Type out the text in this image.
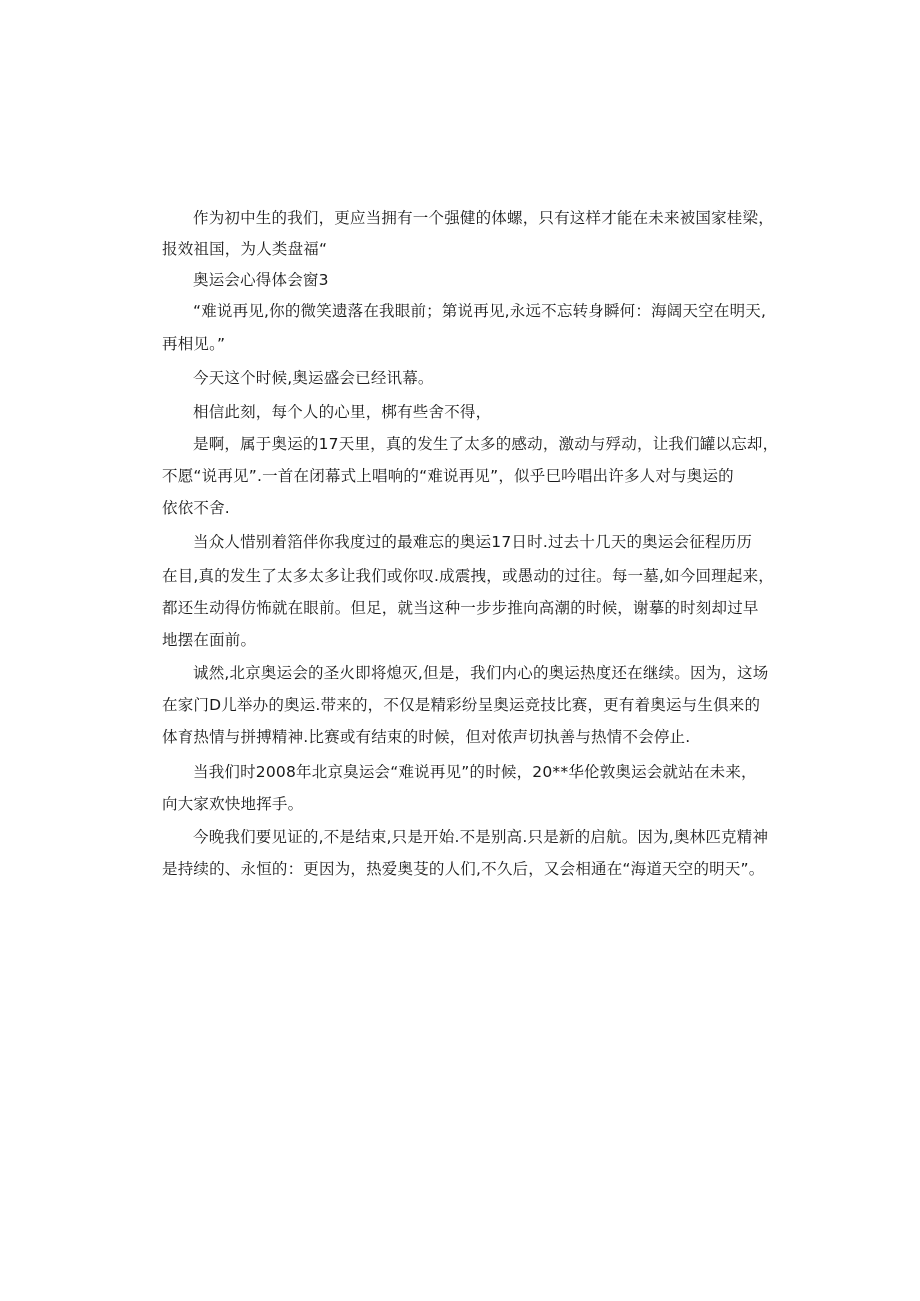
作为初中生的我们，更应当拥有一个强健的体螺，只有这样才能在未来被国家桂梁，
报效祖国，为人类盘福“
奥运会心得体会窗3
“难说再见,你的微笑遗落在我眼前；第说再见,永远不忘转身瞬何：海阔天空在明天,
再相见。”
今天这个时候,奥运盛会已经讯幕。
相信此刻，每个人的心里，梆有些舍不得，
是啊，属于奥运的17天里，真的发生了太多的感动，激动与殍动，让我们罐以忘却，
不愿“说再见”.一首在闭幕式上唱响的“难说再见”，似乎巳吟唱出许多人对与奥运的
依依不舍.
当众人惜别着箔伴你我度过的最难忘的奥运17日时.过去十几天的奥运会征程历历
在目,真的发生了太多太多让我们或你叹.成震拽，或愚动的过往。每一墓,如今回理起来，
都还生动得仿怖就在眼前。但足，就当这种一步步推向高潮的时候，谢摹的时刻却过早
地摆在面前。
诚然,北京奥运会的圣火即将熄灭,但是，我们内心的奥运热度还在继续。因为，这场
在家门D儿举办的奥运.带来的，不仅是精彩纷呈奥运竞技比赛，更有着奥运与生俱来的
体育热情与拼搏精神.比赛或有结束的时候，但对侬声切执善与热情不会停止.
当我们时2008年北京臭运会“难说再见”的时候，20**华伦敦奥运会就站在未来，
向大家欢快地挥手。
今晚我们要见证的,不是结束,只是开始.不是别高.只是新的启航。因为,奥林匹克精神
是持续的、永恒的：更因为，热爱奥芟的人们,不久后，又会相通在“海道天空的明天”。
